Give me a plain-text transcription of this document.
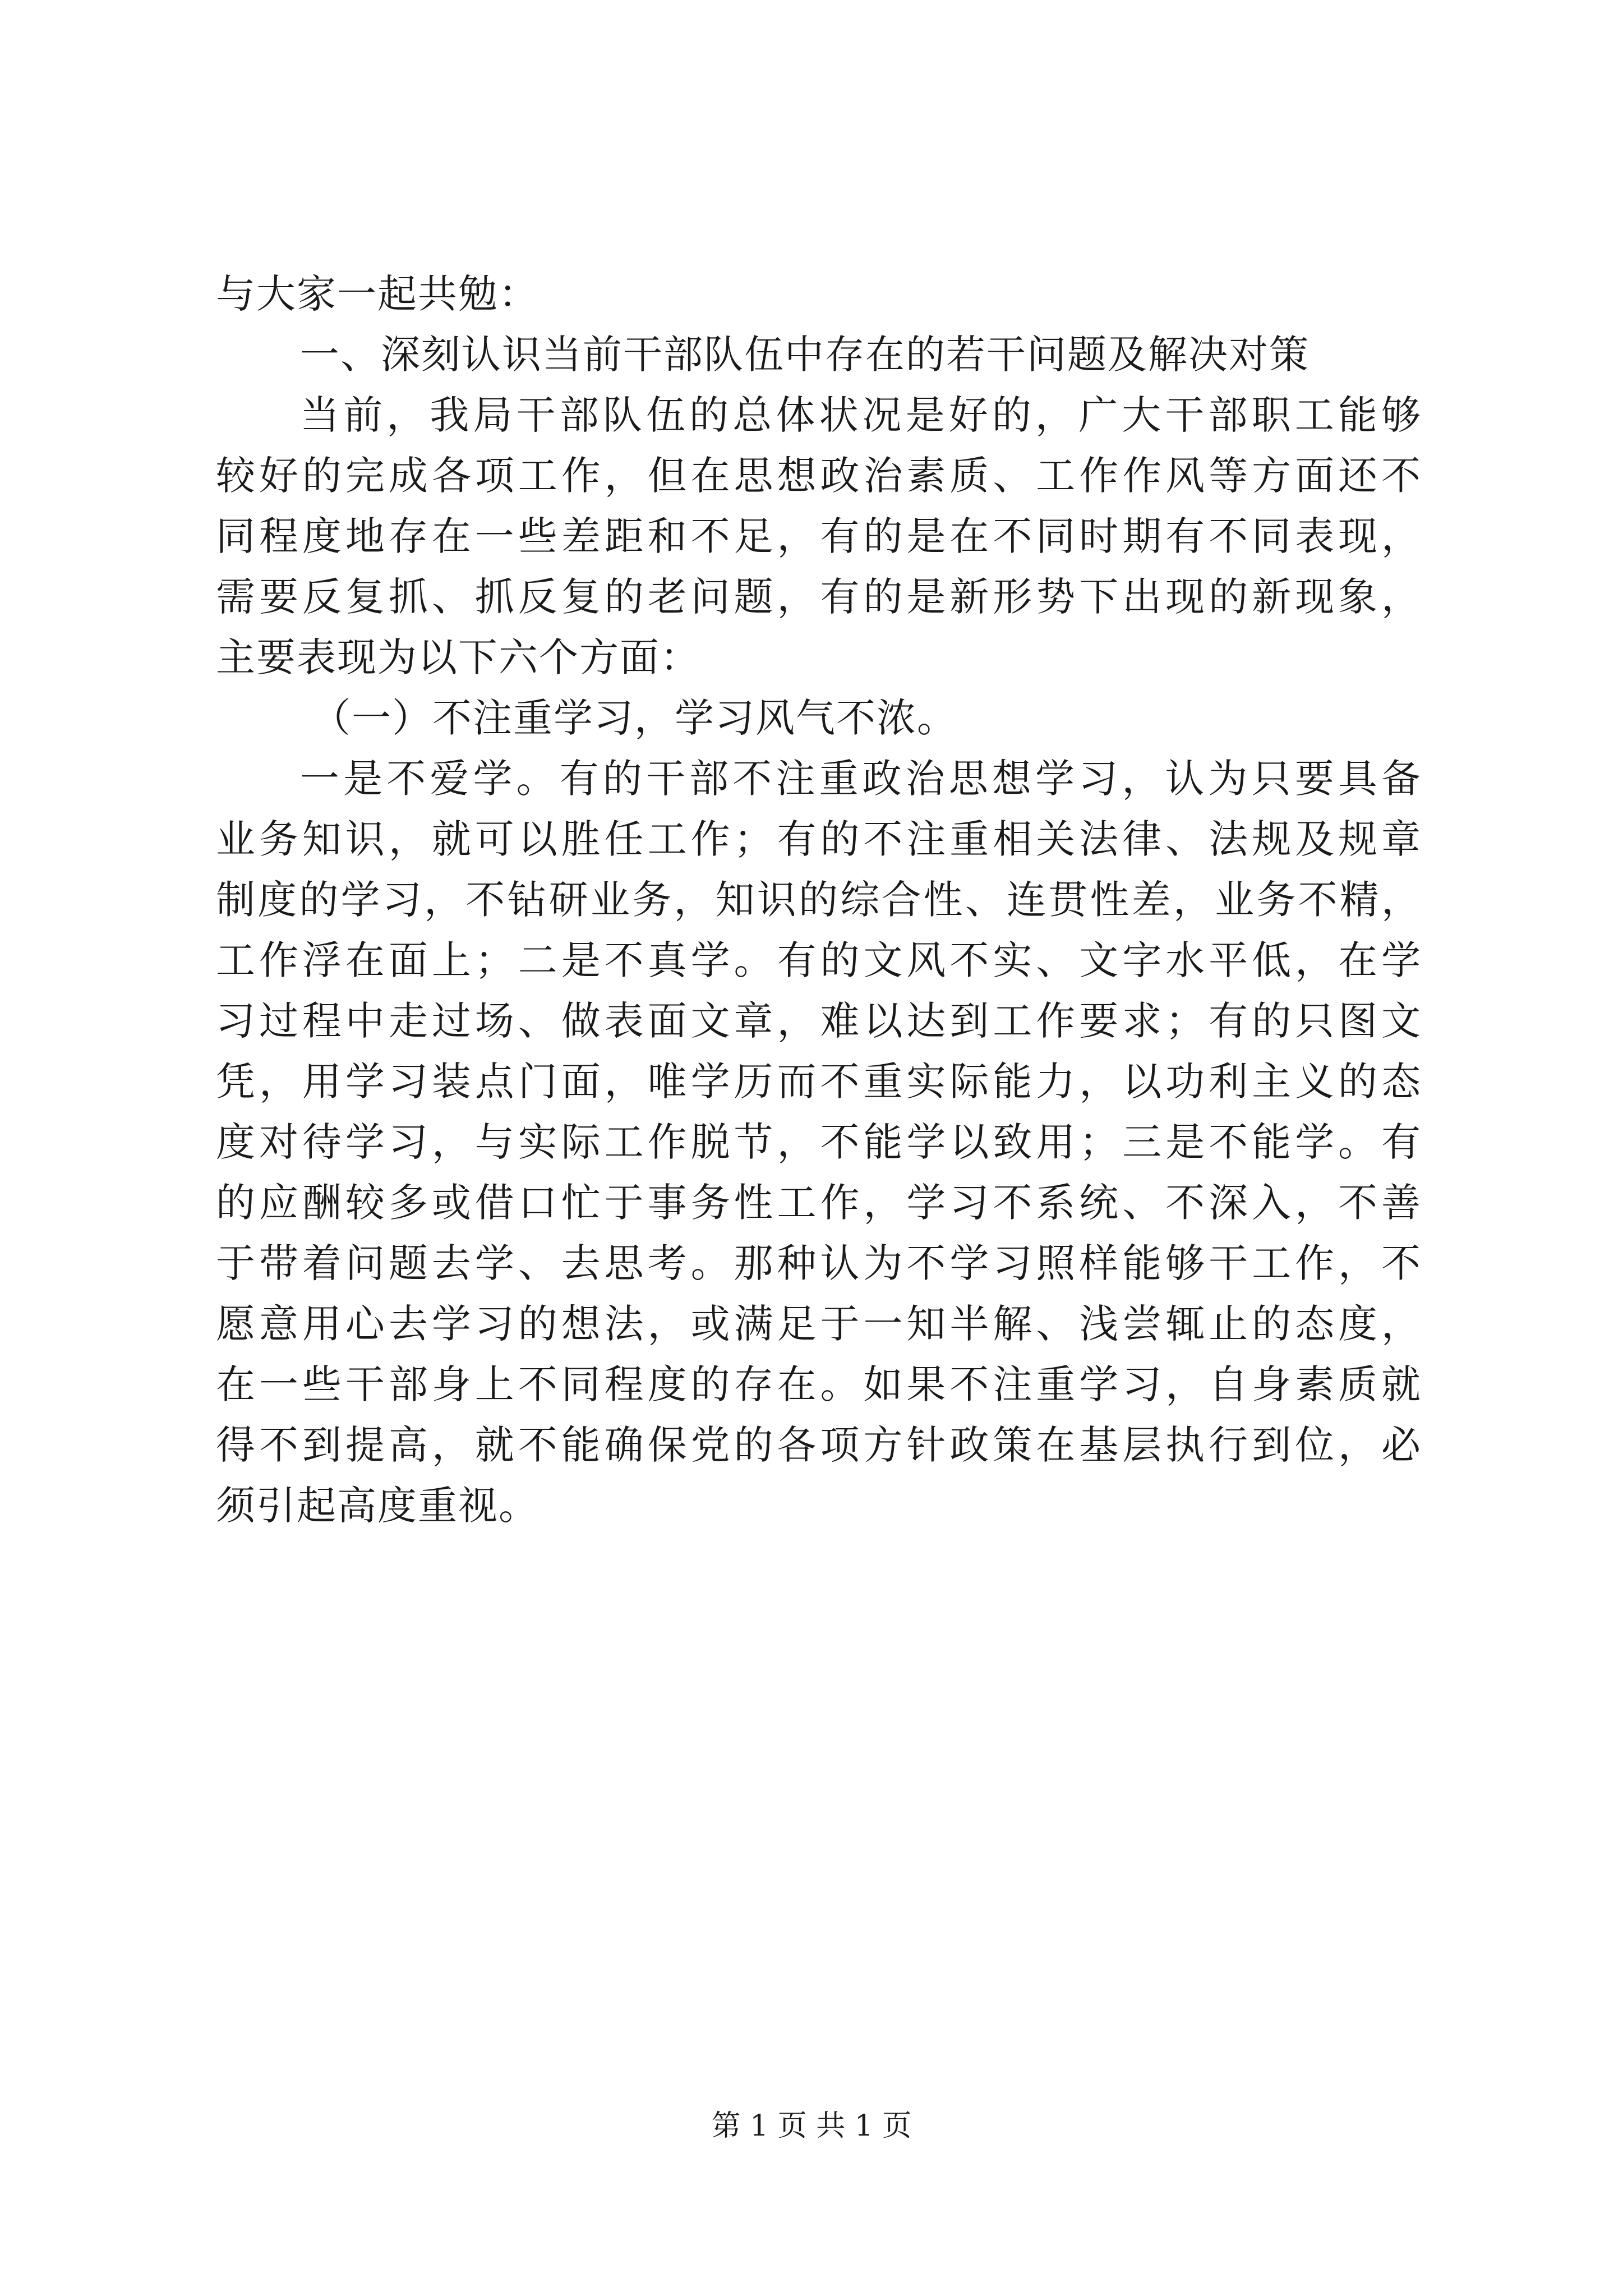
与大家一起共勉：
一、深刻认识当前干部队伍中存在的若干问题及解决对策
当前，我局干部队伍的总体状况是好的，广大干部职工能够
较好的完成各项工作，但在思想政治素质、工作作风等方面还不
同程度地存在一些差距和不足，有的是在不同时期有不同表现，
需要反复抓、抓反复的老问题，有的是新形势下出现的新现象，
主要表现为以下六个方面：
（一）不注重学习，学习风气不浓。
一是不爱学。有的干部不注重政治思想学习，认为只要具备
业务知识，就可以胜任工作；有的不注重相关法律、法规及规章
制度的学习，不钻研业务，知识的综合性、连贯性差，业务不精，
工作浮在面上；二是不真学。有的文风不实、文字水平低，在学
习过程中走过场、做表面文章，难以达到工作要求；有的只图文
凭，用学习装点门面，唯学历而不重实际能力，以功利主义的态
度对待学习，与实际工作脱节，不能学以致用；三是不能学。有
的应酬较多或借口忙于事务性工作，学习不系统、不深入，不善
于带着问题去学、去思考。那种认为不学习照样能够干工作，不
愿意用心去学习的想法，或满足于一知半解、浅尝辄止的态度，
在一些干部身上不同程度的存在。如果不注重学习，自身素质就
得不到提高，就不能确保党的各项方针政策在基层执行到位，必
须引起高度重视。
第 1 页 共 1 页
